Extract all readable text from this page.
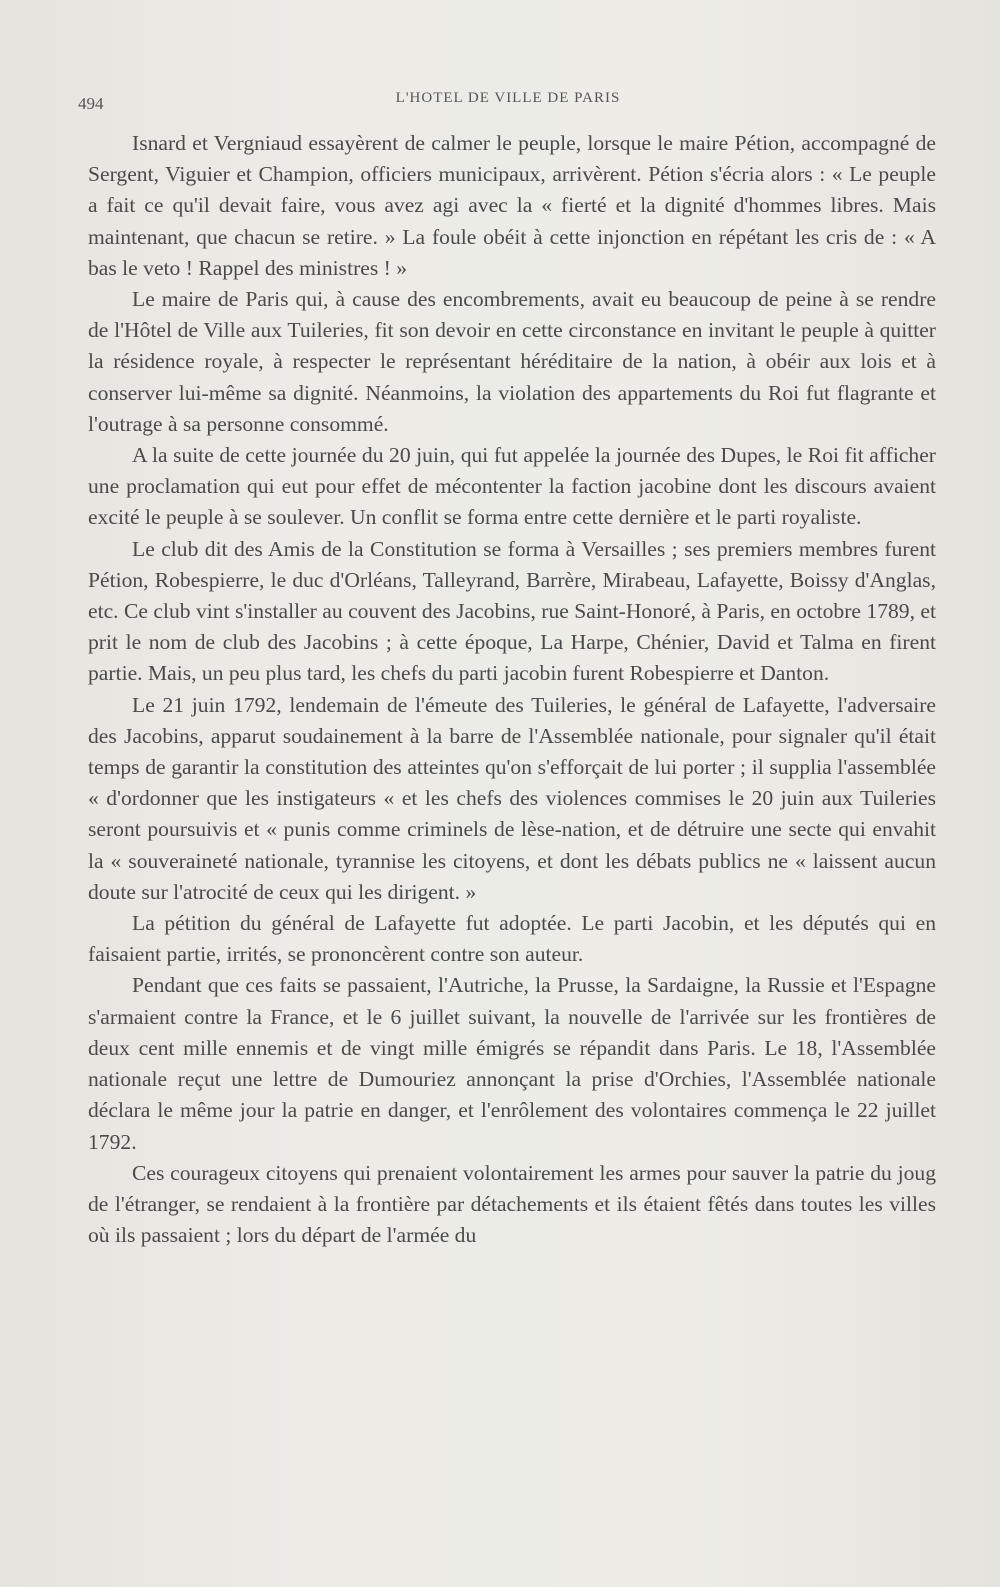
494	L'HOTEL DE VILLE DE PARIS

Isnard et Vergniaud essayèrent de calmer le peuple, lorsque le maire Pétion, accompagné de Sergent, Viguier et Champion, officiers municipaux, arrivèrent. Pétion s'écria alors : « Le peuple a fait ce qu'il devait faire, vous avez agi avec la « fierté et la dignité d'hommes libres. Mais maintenant, que chacun se retire. » La foule obéit à cette injonction en répétant les cris de : « A bas le veto ! Rappel des ministres ! »

Le maire de Paris qui, à cause des encombrements, avait eu beaucoup de peine à se rendre de l'Hôtel de Ville aux Tuileries, fit son devoir en cette circonstance en invitant le peuple à quitter la résidence royale, à respecter le représentant héréditaire de la nation, à obéir aux lois et à conserver lui-même sa dignité. Néanmoins, la violation des appartements du Roi fut flagrante et l'outrage à sa personne consommé.

A la suite de cette journée du 20 juin, qui fut appelée la journée des Dupes, le Roi fit afficher une proclamation qui eut pour effet de mécontenter la faction jacobine dont les discours avaient excité le peuple à se soulever. Un conflit se forma entre cette dernière et le parti royaliste.

Le club dit des Amis de la Constitution se forma à Versailles ; ses premiers membres furent Pétion, Robespierre, le duc d'Orléans, Talleyrand, Barrère, Mirabeau, Lafayette, Boissy d'Anglas, etc. Ce club vint s'installer au couvent des Jacobins, rue Saint-Honoré, à Paris, en octobre 1789, et prit le nom de club des Jacobins ; à cette époque, La Harpe, Chénier, David et Talma en firent partie. Mais, un peu plus tard, les chefs du parti jacobin furent Robespierre et Danton.

Le 21 juin 1792, lendemain de l'émeute des Tuileries, le général de Lafayette, l'adversaire des Jacobins, apparut soudainement à la barre de l'Assemblée nationale, pour signaler qu'il était temps de garantir la constitution des atteintes qu'on s'efforçait de lui porter ; il supplia l'assemblée « d'ordonner que les instigateurs « et les chefs des violences commises le 20 juin aux Tuileries seront poursuivis et « punis comme criminels de lèse-nation, et de détruire une secte qui envahit la « souveraineté nationale, tyrannise les citoyens, et dont les débats publics ne « laissent aucun doute sur l'atrocité de ceux qui les dirigent. »

La pétition du général de Lafayette fut adoptée. Le parti Jacobin, et les députés qui en faisaient partie, irrités, se prononcèrent contre son auteur.

Pendant que ces faits se passaient, l'Autriche, la Prusse, la Sardaigne, la Russie et l'Espagne s'armaient contre la France, et le 6 juillet suivant, la nouvelle de l'arrivée sur les frontières de deux cent mille ennemis et de vingt mille émigrés se répandit dans Paris. Le 18, l'Assemblée nationale reçut une lettre de Dumouriez annonçant la prise d'Orchies, l'Assemblée nationale déclara le même jour la patrie en danger, et l'enrôlement des volontaires commença le 22 juillet 1792.

Ces courageux citoyens qui prenaient volontairement les armes pour sauver la patrie du joug de l'étranger, se rendaient à la frontière par détachements et ils étaient fêtés dans toutes les villes où ils passaient ; lors du départ de l'armée du
